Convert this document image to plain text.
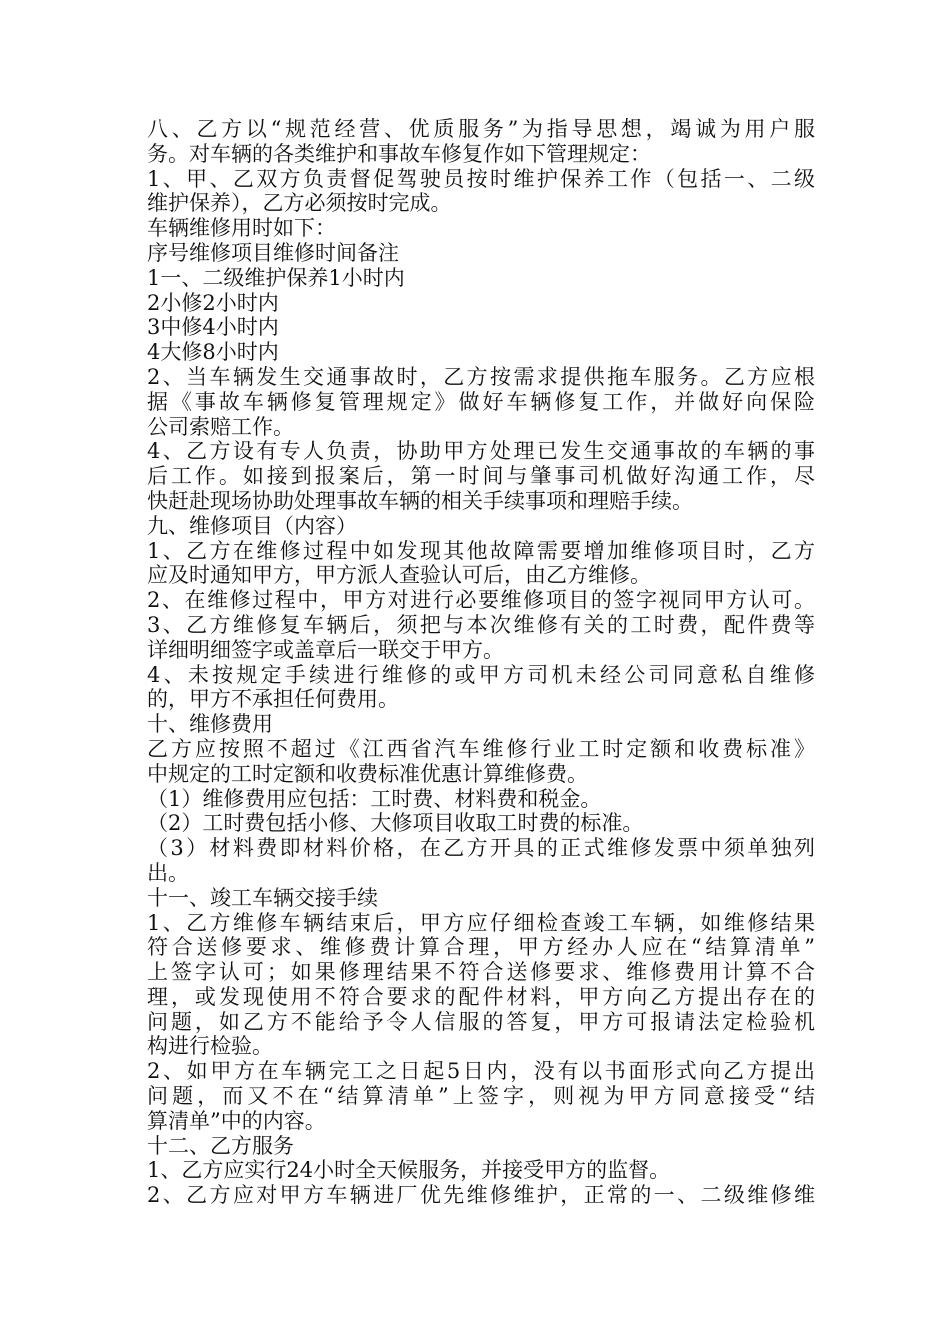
八、乙方以“规范经营、优质服务”为指导思想，竭诚为用户服
务。对车辆的各类维护和事故车修复作如下管理规定：
1、甲、乙双方负责督促驾驶员按时维护保养工作（包括一、二级
维护保养），乙方必须按时完成。
车辆维修用时如下：
序号维修项目维修时间备注
1一、二级维护保养1小时内
2小修2小时内
3中修4小时内
4大修8小时内
2、当车辆发生交通事故时，乙方按需求提供拖车服务。乙方应根
据《事故车辆修复管理规定》做好车辆修复工作，并做好向保险
公司索赔工作。
4、乙方设有专人负责，协助甲方处理已发生交通事故的车辆的事
后工作。如接到报案后，第一时间与肇事司机做好沟通工作，尽
快赶赴现场协助处理事故车辆的相关手续事项和理赔手续。
九、维修项目（内容）
1、乙方在维修过程中如发现其他故障需要增加维修项目时，乙方
应及时通知甲方，甲方派人查验认可后，由乙方维修。
2、在维修过程中，甲方对进行必要维修项目的签字视同甲方认可。
3、乙方维修复车辆后，须把与本次维修有关的工时费，配件费等
详细明细签字或盖章后一联交于甲方。
4、未按规定手续进行维修的或甲方司机未经公司同意私自维修
的，甲方不承担任何费用。
十、维修费用
乙方应按照不超过《江西省汽车维修行业工时定额和收费标准》
中规定的工时定额和收费标准优惠计算维修费。
（1）维修费用应包括：工时费、材料费和税金。
（2）工时费包括小修、大修项目收取工时费的标准。
（3）材料费即材料价格，在乙方开具的正式维修发票中须单独列
出。
十一、竣工车辆交接手续
1、乙方维修车辆结束后，甲方应仔细检查竣工车辆，如维修结果
符合送修要求、维修费计算合理，甲方经办人应在“结算清单”
上签字认可；如果修理结果不符合送修要求、维修费用计算不合
理，或发现使用不符合要求的配件材料，甲方向乙方提出存在的
问题，如乙方不能给予令人信服的答复，甲方可报请法定检验机
构进行检验。
2、如甲方在车辆完工之日起5日内，没有以书面形式向乙方提出
问题，而又不在“结算清单”上签字，则视为甲方同意接受“结
算清单”中的内容。
十二、乙方服务
1、乙方应实行24小时全天候服务，并接受甲方的监督。
2、乙方应对甲方车辆进厂优先维修维护，正常的一、二级维修维
